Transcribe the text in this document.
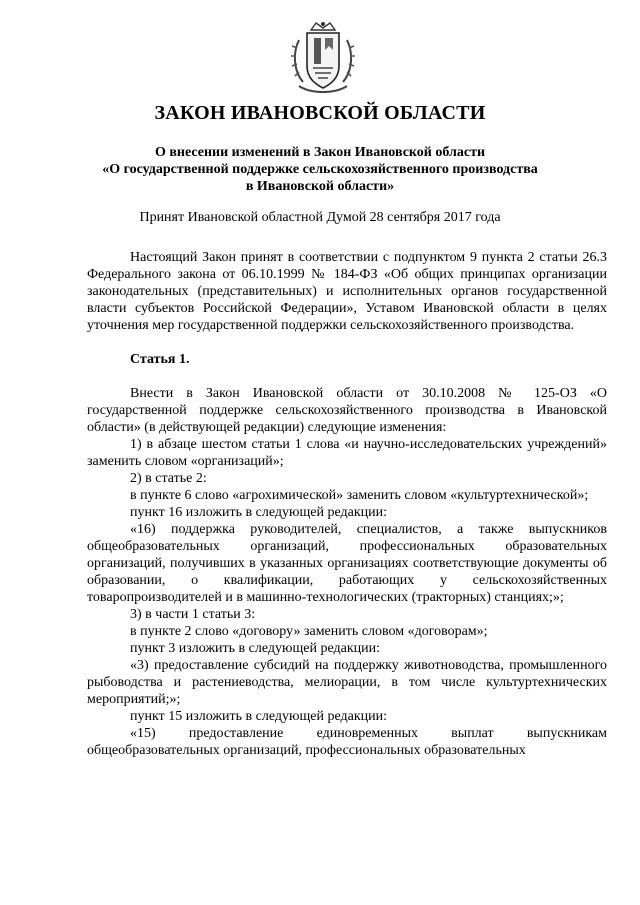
ЗАКОН ИВАНОВСКОЙ ОБЛАСТИ
О внесении изменений в Закон Ивановской области
«О государственной поддержке сельскохозяйственного производства
в Ивановской области»
Принят Ивановской областной Думой 28 сентября 2017 года

Настоящий Закон принят в соответствии с подпунктом 9 пункта 2 статьи 26.3 Федерального закона от 06.10.1999 № 184-ФЗ «Об общих принципах организации законодательных (представительных) и исполнительных органов государственной власти субъектов Российской Федерации», Уставом Ивановской области в целях уточнения мер государственной поддержки сельскохозяйственного производства.

Статья 1.

Внести в Закон Ивановской области от 30.10.2008 № 125-ОЗ «О государственной поддержке сельскохозяйственного производства в Ивановской области» (в действующей редакции) следующие изменения:

1) в абзаце шестом статьи 1 слова «и научно-исследовательских учреждений» заменить словом «организаций»;

2) в статье 2:

в пункте 6 слово «агрохимической» заменить словом «культуртехнической»;

пункт 16 изложить в следующей редакции:

«16) поддержка руководителей, специалистов, а также выпускников общеобразовательных организаций, профессиональных образовательных организаций, получивших в указанных организациях соответствующие документы об образовании, о квалификации, работающих у сельскохозяйственных товаропроизводителей и в машинно-технологических (тракторных) станциях;»;

3) в части 1 статьи 3:

в пункте 2 слово «договору» заменить словом «договорам»;

пункт 3 изложить в следующей редакции:

«3) предоставление субсидий на поддержку животноводства, промышленного рыбоводства и растениеводства, мелиорации, в том числе культуртехнических мероприятий;»;

пункт 15 изложить в следующей редакции:

«15) предоставление единовременных выплат выпускникам общеобразовательных организаций, профессиональных образовательных
